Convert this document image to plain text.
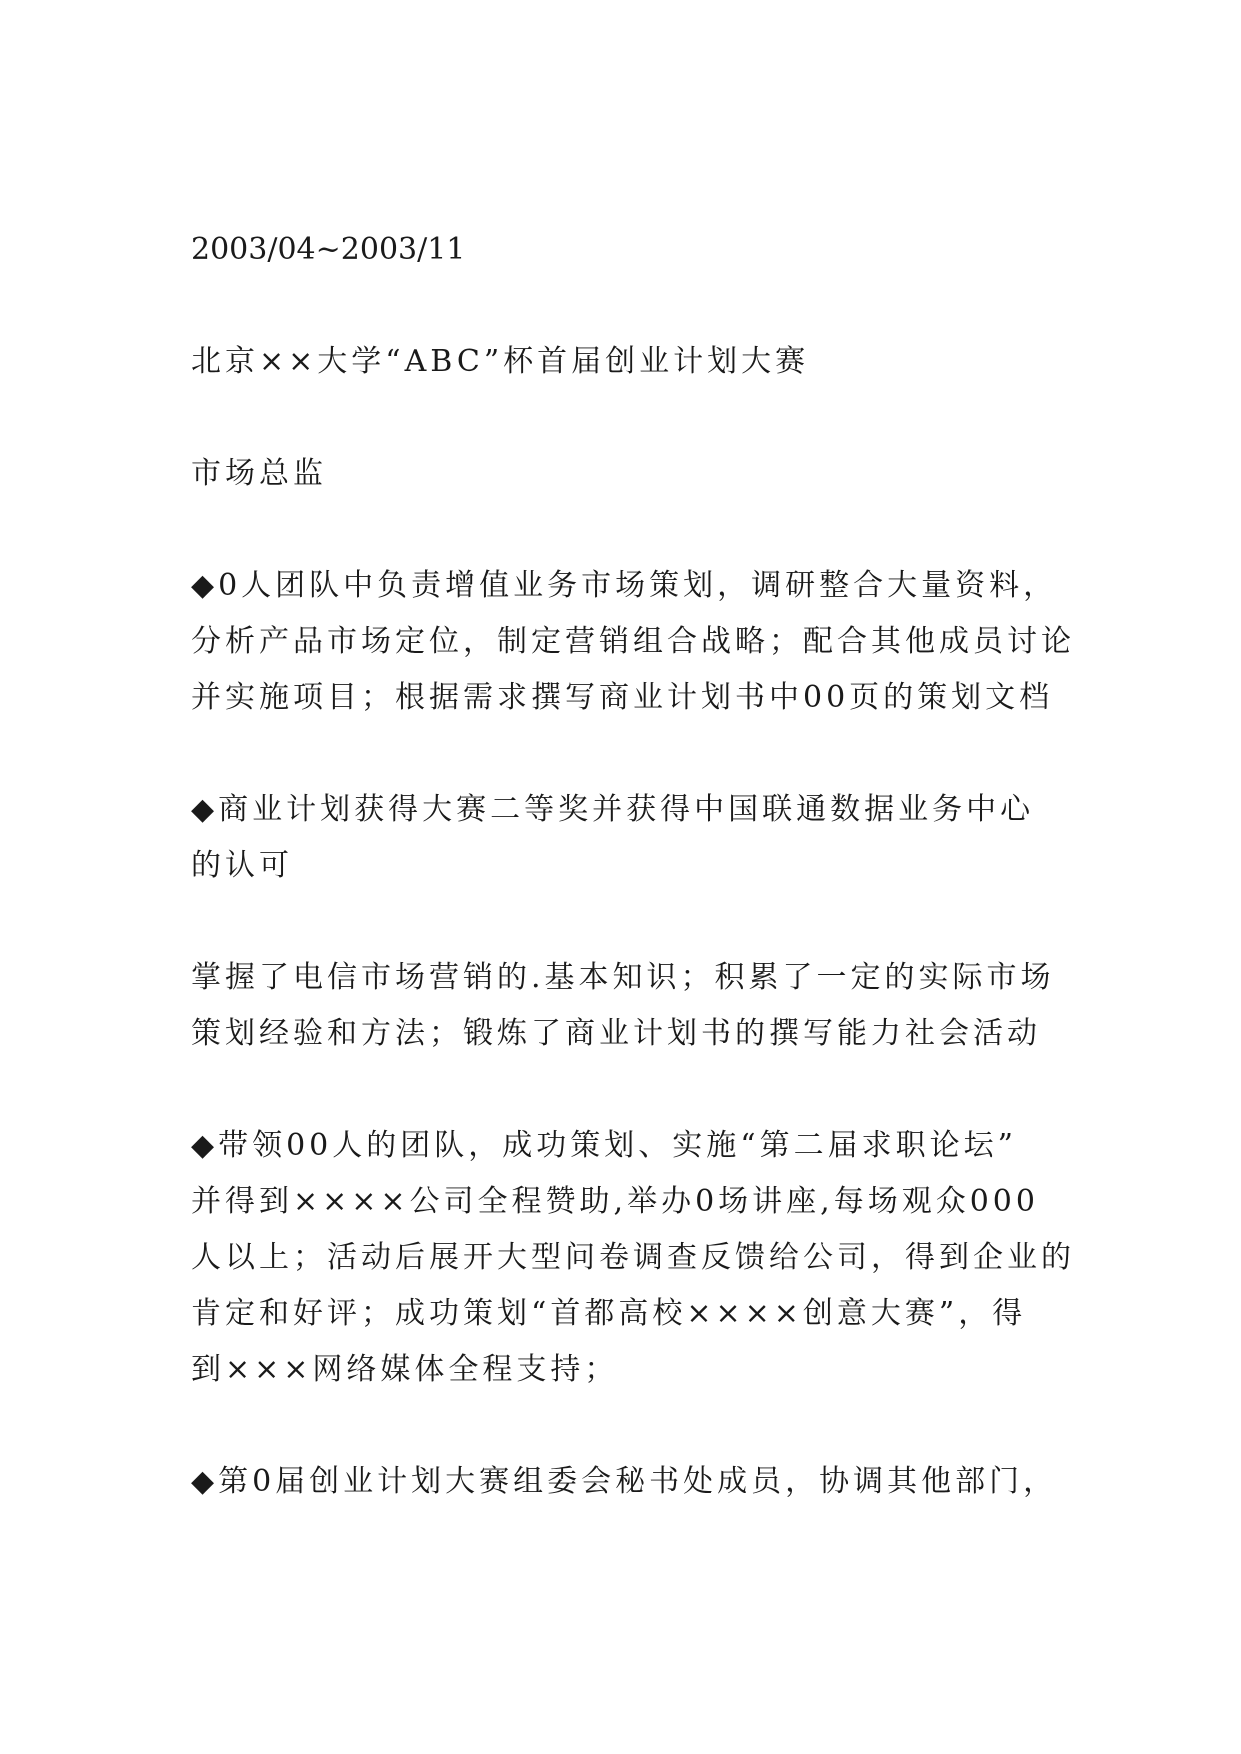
2003/04~2003/11

北京××大学“ABC”杯首届创业计划大赛

市场总监

◆0人团队中负责增值业务市场策划，调研整合大量资料，
分析产品市场定位，制定营销组合战略；配合其他成员讨论
并实施项目；根据需求撰写商业计划书中00页的策划文档

◆商业计划获得大赛二等奖并获得中国联通数据业务中心
的认可

掌握了电信市场营销的.基本知识；积累了一定的实际市场
策划经验和方法；锻炼了商业计划书的撰写能力社会活动

◆带领00人的团队，成功策划、实施“第二届求职论坛”
并得到××××公司全程赞助,举办0场讲座,每场观众000
人以上；活动后展开大型问卷调查反馈给公司，得到企业的
肯定和好评；成功策划“首都高校××××创意大赛”，得
到×××网络媒体全程支持；

◆第0届创业计划大赛组委会秘书处成员，协调其他部门，
